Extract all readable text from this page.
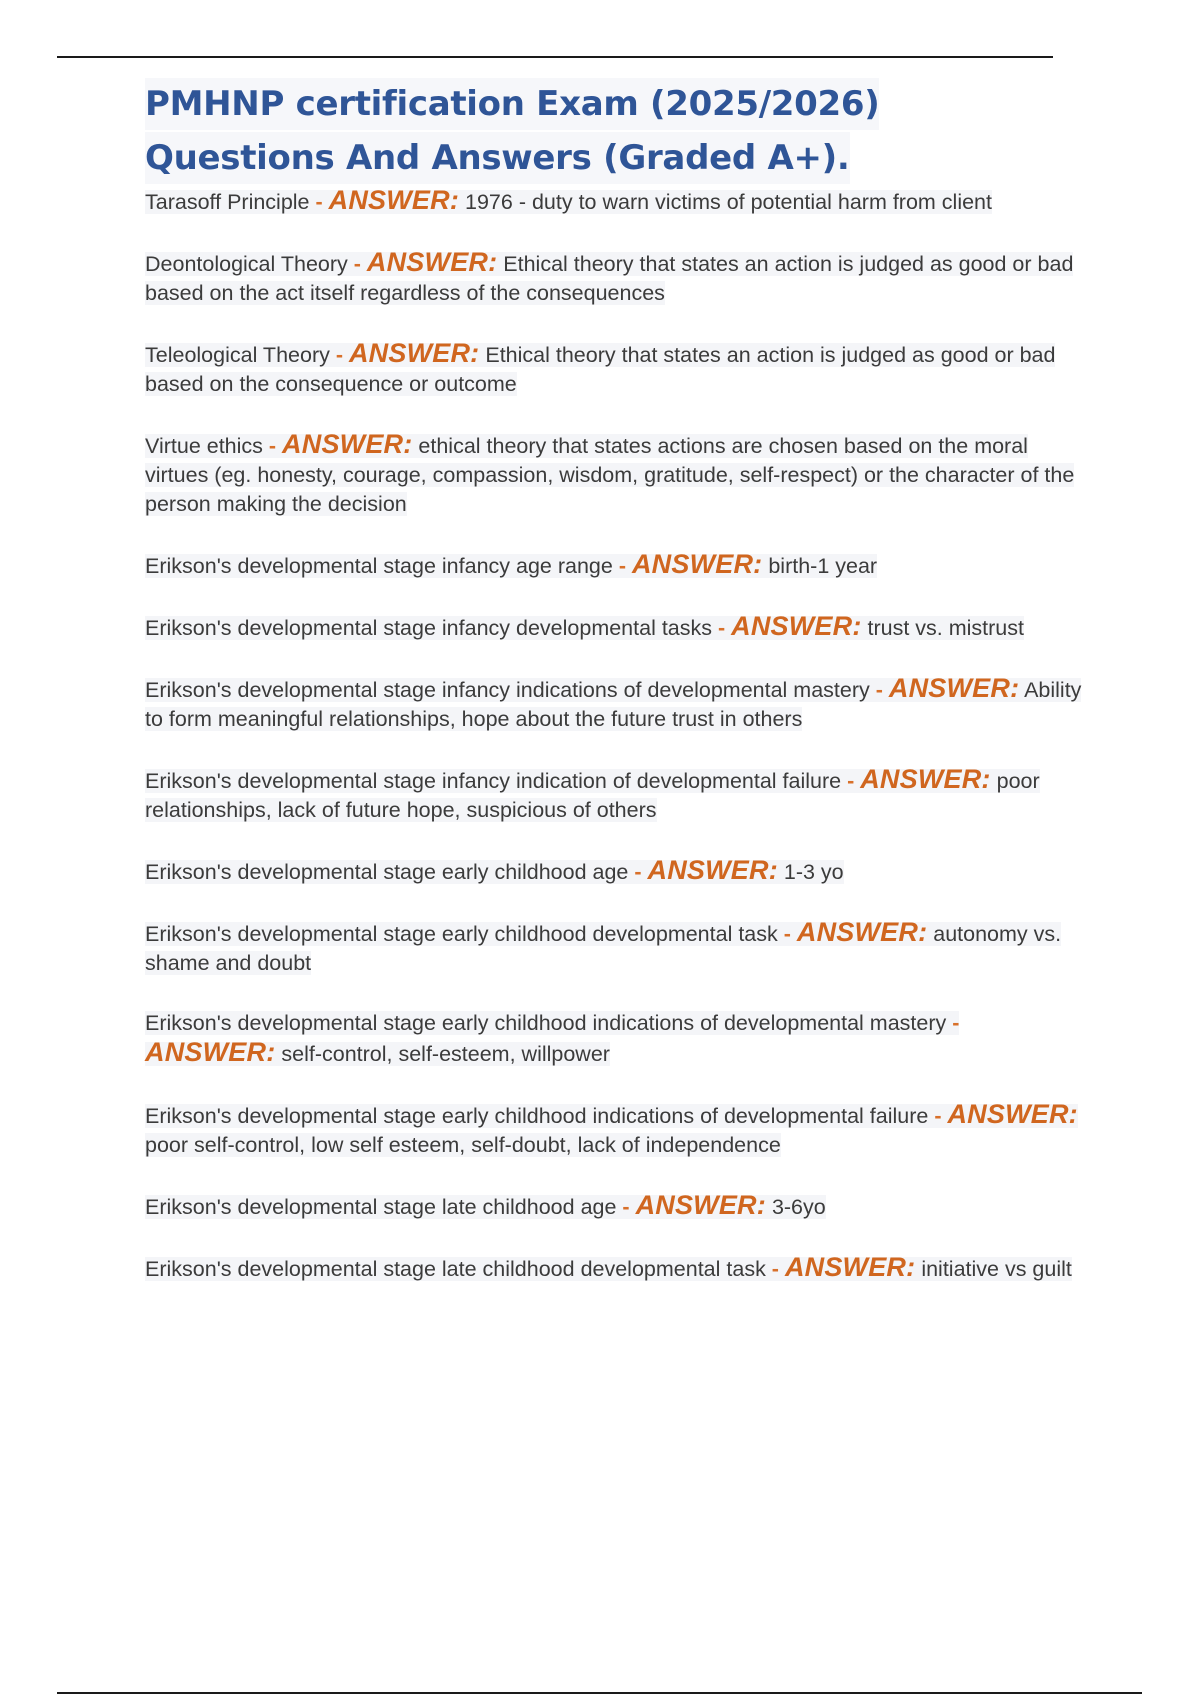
PMHNP certification Exam (2025/2026)
Questions And Answers (Graded A+).
Tarasoff Principle - ANSWER: 1976 - duty to warn victims of potential harm from client
Deontological Theory - ANSWER: Ethical theory that states an action is judged as good or bad based on the act itself regardless of the consequences
Teleological Theory - ANSWER: Ethical theory that states an action is judged as good or bad based on the consequence or outcome
Virtue ethics - ANSWER: ethical theory that states actions are chosen based on the moral virtues (eg. honesty, courage, compassion, wisdom, gratitude, self-respect) or the character of the person making the decision
Erikson's developmental stage infancy age range - ANSWER: birth-1 year
Erikson's developmental stage infancy developmental tasks - ANSWER: trust vs. mistrust
Erikson's developmental stage infancy indications of developmental mastery - ANSWER: Ability to form meaningful relationships, hope about the future trust in others
Erikson's developmental stage infancy indication of developmental failure - ANSWER: poor relationships, lack of future hope, suspicious of others
Erikson's developmental stage early childhood age - ANSWER: 1-3 yo
Erikson's developmental stage early childhood developmental task - ANSWER: autonomy vs. shame and doubt
Erikson's developmental stage early childhood indications of developmental mastery - ANSWER: self-control, self-esteem, willpower
Erikson's developmental stage early childhood indications of developmental failure - ANSWER: poor self-control, low self esteem, self-doubt, lack of independence
Erikson's developmental stage late childhood age - ANSWER: 3-6yo
Erikson's developmental stage late childhood developmental task - ANSWER: initiative vs guilt
